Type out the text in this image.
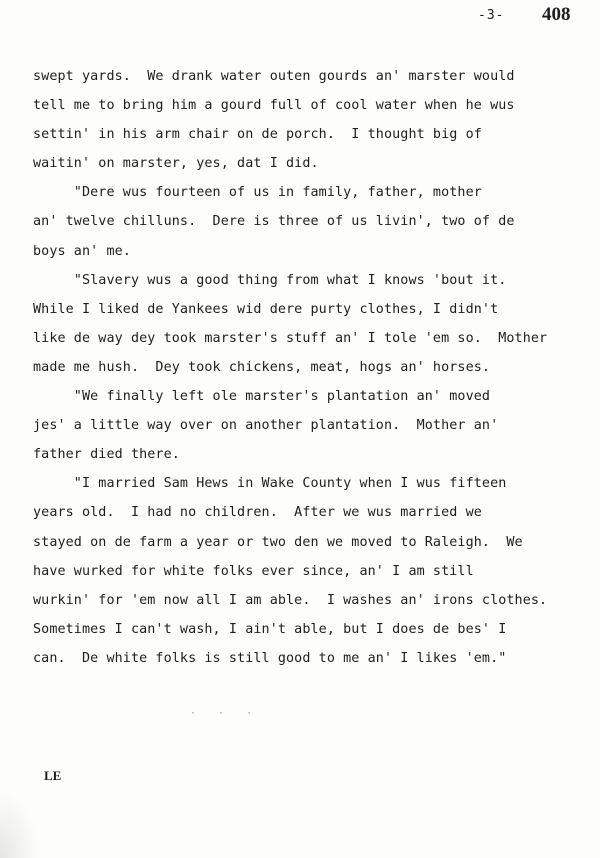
-3- 408
swept yards.  We drank water outen gourds an' marster would
tell me to bring him a gourd full of cool water when he wus
settin' in his arm chair on de porch.  I thought big of
waitin' on marster, yes, dat I did.
"Dere wus fourteen of us in family, father, mother
an' twelve chilluns.  Dere is three of us livin', two of de
boys an' me.
"Slavery wus a good thing from what I knows 'bout it.
While I liked de Yankees wid dere purty clothes, I didn't
like de way dey took marster's stuff an' I tole 'em so.  Mother
made me hush.  Dey took chickens, meat, hogs an' horses.
"We finally left ole marster's plantation an' moved
jes' a little way over on another plantation.  Mother an'
father died there.
"I married Sam Hews in Wake County when I wus fifteen
years old.  I had no children.  After we wus married we
stayed on de farm a year or two den we moved to Raleigh.  We
have wurked for white folks ever since, an' I am still
wurkin' for 'em now all I am able.  I washes an' irons clothes.
Sometimes I can't wash, I ain't able, but I does de bes' I
can.  De white folks is still good to me an' I likes 'em."
· · ·
LE
